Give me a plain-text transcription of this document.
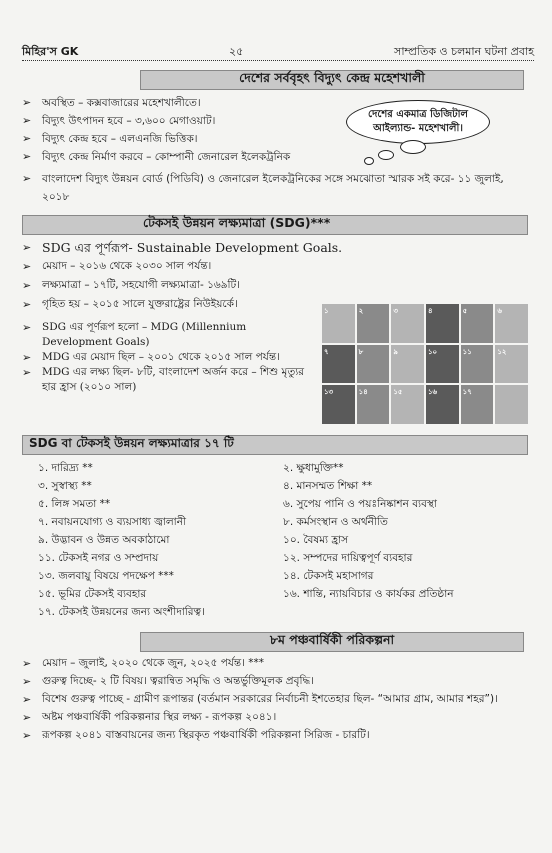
মিহির'স GK	২৫	সাম্প্রতিক ও চলমান ঘটনা প্রবাহ
দেশের সর্ববৃহৎ বিদ্যুৎ কেন্দ্র মহেশখালী
➢ অবস্থিত – কক্সবাজারের মহেশখালীতে।
➢ বিদ্যুৎ উৎপাদন হবে – ৩,৬০০ মেগাওয়াট।
➢ বিদ্যুৎ কেন্দ্র হবে – এলএনজি ভিত্তিক।
➢ বিদ্যুৎ কেন্দ্র নির্মাণ করবে – কোম্পানী জেনারেল ইলেকট্রনিক
➢ বাংলাদেশ বিদ্যুৎ উন্নয়ন বোর্ড (পিডিবি) ও জেনারেল ইলেকট্রনিকের সঙ্গে সমঝোতা স্মারক সই করে- ১১ জুলাই, ২০১৮
দেশের একমাত্র ডিজিটাল
আইল্যান্ড- মহেশখালী।
টেকসই উন্নয়ন লক্ষ্যমাত্রা (SDG)***
➢ SDG এর পূর্ণরূপ- Sustainable Development Goals.
➢ মেয়াদ – ২০১৬ থেকে ২০৩০ সাল পর্যন্ত।
➢ লক্ষ্যমাত্রা – ১৭টি, সহযোগী লক্ষ্যমাত্রা- ১৬৯টি।
➢ গৃহিত হয় – ২০১৫ সালে যুক্তরাষ্ট্রের নিউইয়র্কে।
➢ SDG এর পূর্ণরূপ হলো – MDG (Millennium Development Goals)
➢ MDG এর মেয়াদ ছিল – ২০০১ থেকে ২০১৫ সাল পর্যন্ত।
➢ MDG এর লক্ষ্য ছিল- ৮টি, বাংলাদেশ অর্জন করে – শিশু মৃত্যুর হার হ্রাস (২০১০ সাল)
১	২	৩	৪	৫	৬
৭	৮	৯	১০	১১	১২
১৩	১৪	১৫	১৬	১৭
SDG বা টেকসই উন্নয়ন লক্ষ্যমাত্রার ১৭ টি
১. দারিদ্র্য **	২. ক্ষুধামুক্তি**
৩. সুস্বাস্থ্য **	৪. মানসম্মত শিক্ষা **
৫. লিঙ্গ সমতা **	৬. সুপেয় পানি ও পয়ঃনিষ্কাশন ব্যবস্থা
৭. নবায়নযোগ্য ও ব্যয়সাধ্য জ্বালানী	৮. কর্মসংস্থান ও অর্থনীতি
৯. উদ্ভাবন ও উন্নত অবকাঠামো	১০. বৈষম্য হ্রাস
১১. টেকসই নগর ও সম্প্রদায়	১২. সম্পদের দায়িত্বপূর্ণ ব্যবহার
১৩. জলবায়ু বিষয়ে পদক্ষেপ ***	১৪. টেকসই মহাসাগর
১৫. ভূমির টেকসই ব্যবহার	১৬. শান্তি, ন্যায়বিচার ও কার্যকর প্রতিষ্ঠান
১৭. টেকসই উন্নয়নের জন্য অংশীদারিত্ব।
৮ম পঞ্চবার্ষিকী পরিকল্পনা
➢ মেয়াদ – জুলাই, ২০২০ থেকে জুন, ২০২৫ পর্যন্ত। ***
➢ গুরুত্ব দিচ্ছে- ২ টি বিষয়। ত্বরান্বিত সমৃদ্ধি ও অন্তর্ভুক্তিমূলক প্রবৃদ্ধি।
➢ বিশেষ গুরুত্ব পাচ্ছে - গ্রামীণ রূপান্তর (বর্তমান সরকারের নির্বাচনী ইশতেহার ছিল- “আমার গ্রাম, আমার শহর”)।
➢ অষ্টম পঞ্চবার্ষিকী পরিকল্পনার স্থির লক্ষ্য - রূপকল্প ২০৪১।
➢ রূপকল্প ২০৪১ বাস্তবায়নের জন্য স্থিরকৃত পঞ্চবার্ষিকী পরিকল্পনা সিরিজ - চারটি।
